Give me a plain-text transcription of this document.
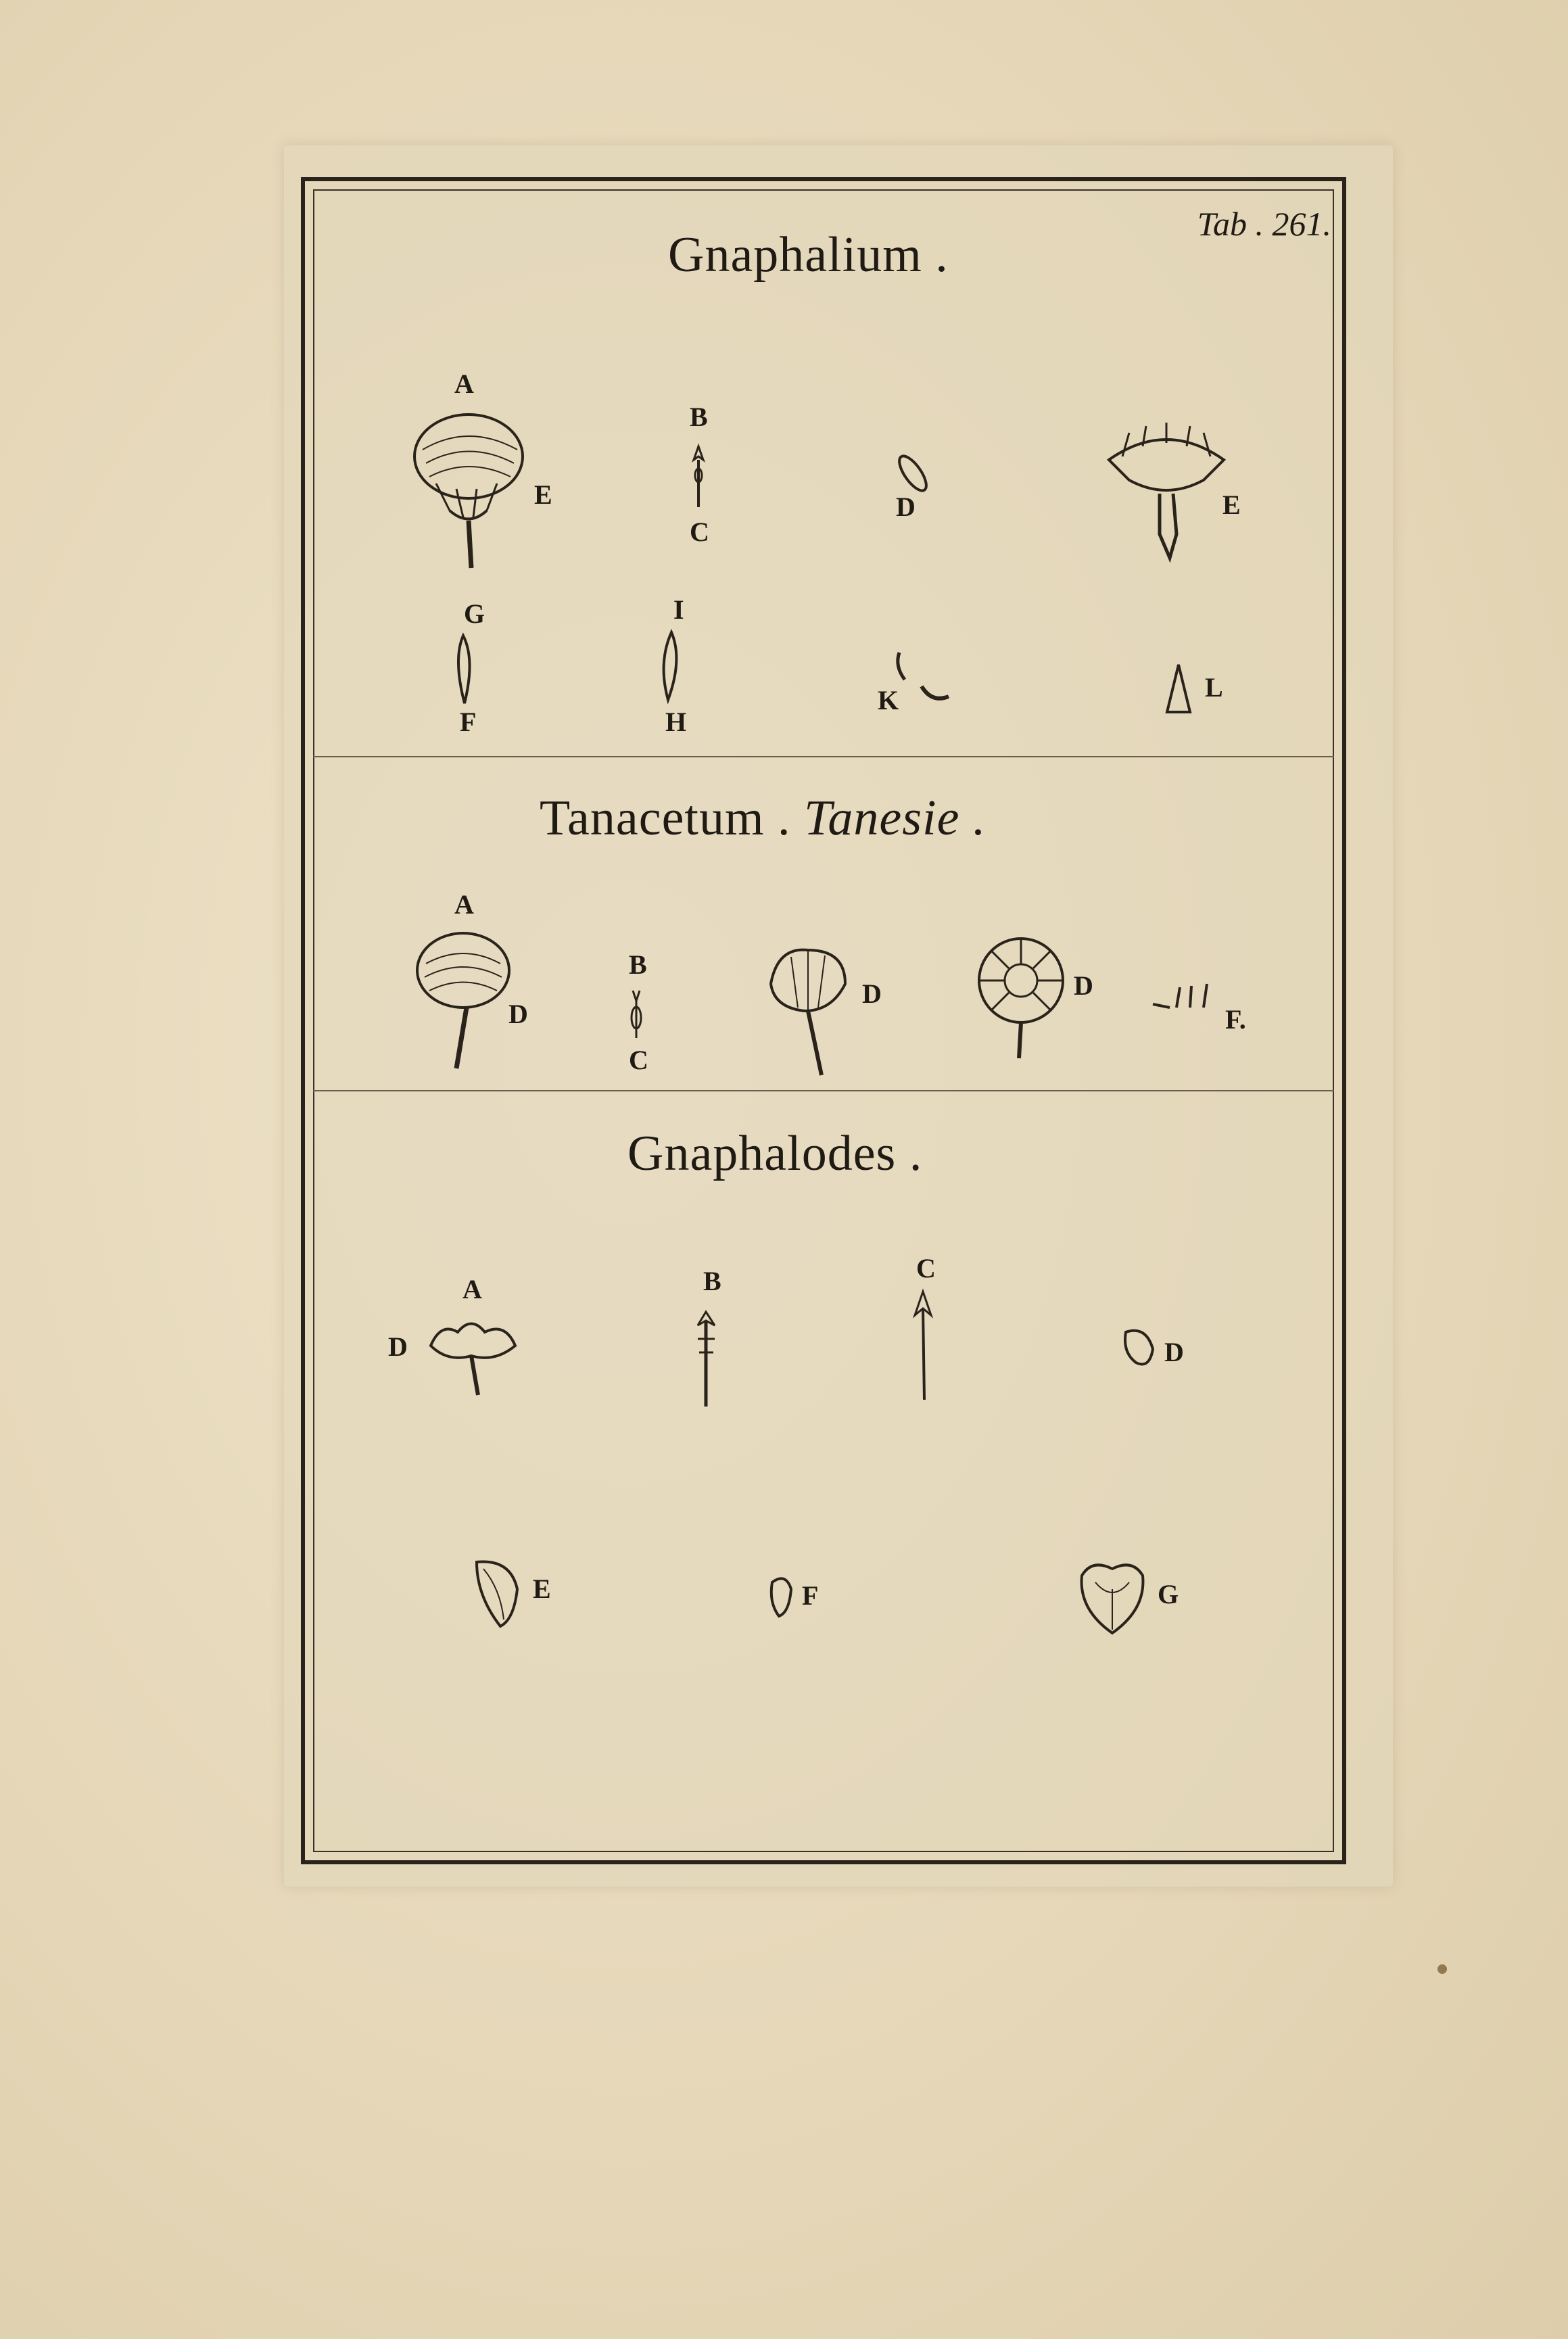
Tab . 261.
Gnaphalium .
A
E
B
C
D	E
G
F
I
H
K	L
Tanacetum . Tanesie .
A
D
B
C
D	D
F.
Gnaphalodes .
A
D
B	C
D
E	F	G
